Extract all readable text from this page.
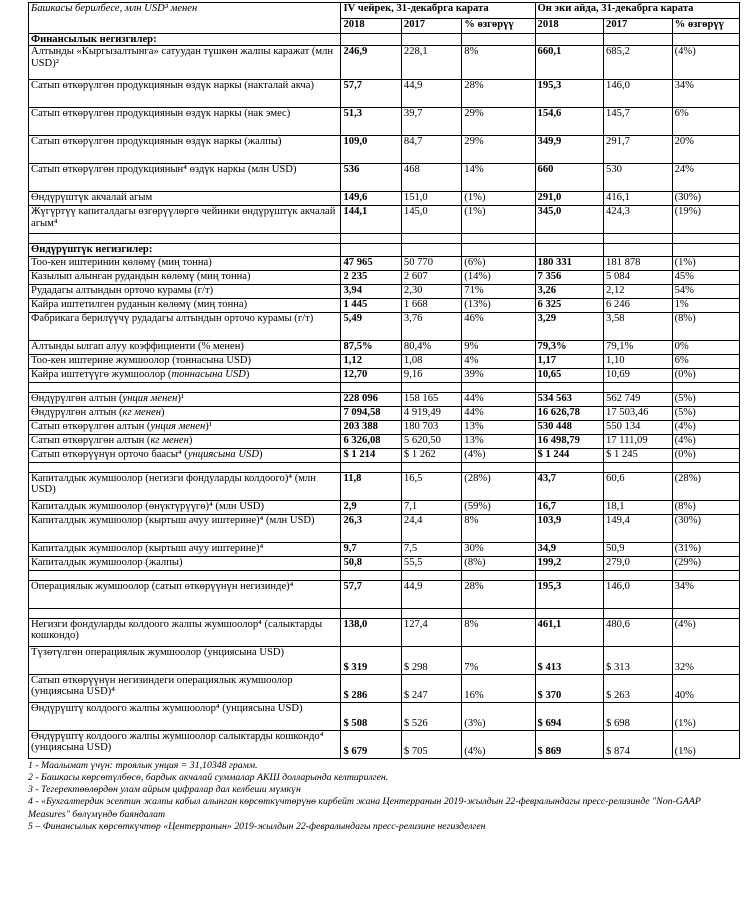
Башкасы берилбесе, млн USD³ менен	IV чейрек, 31-декабрга карата			Он эки айда, 31-декабрга карата		
	2018	2017	% өзгөрүү	2018	2017	% өзгөрүү
Финансылык негизгилер:						
Алтынды «Кыргызалтынга» сатуудан түшкөн жалпы каражат (млн USD)²	246,9	228,1	8%	660,1	685,2	(4%)
Сатып өткөрүлгөн продукциянын өздүк наркы (накталай акча)	57,7	44,9	28%	195,3	146,0	34%
Сатып өткөрүлгөн продукциянын өздүк наркы (нак эмес)	51,3	39,7	29%	154,6	145,7	6%
Сатып өткөрүлгөн продукциянын өздүк наркы (жалпы)	109,0	84,7	29%	349,9	291,7	20%
Сатып өткөрүлгөн продукциянын⁴ өздүк наркы (млн USD)	536	468	14%	660	530	24%
Өндүрүштүк акчалай агым	149,6	151,0	(1%)	291,0	416,1	(30%)
Жүгүртүү капиталдагы өзгөрүүлөргө чейинки өндүрүштүк акчалай агым⁴	144,1	145,0	(1%)	345,0	424,3	(19%)

Өндүрүштүк негизгилер:						
Тоо-кен иштеринин көлөмү (миң тонна)	47 965	50 770	(6%)	180 331	181 878	(1%)
Казылып алынган рудандын көлөмү (миң тонна)	2 235	2 607	(14%)	7 356	5 084	45%
Рудадагы алтындын орточо курамы (г/т)	3,94	2,30	71%	3,26	2,12	54%
Кайра иштетилген руданын көлөмү (миң тонна)	1 445	1 668	(13%)	6 325	6 246	1%
Фабрикага берилүүчү рудадагы алтындын орточо курамы (г/т)	5,49	3,76	46%	3,29	3,58	(8%)
Алтынды ылгап алуу коэффициенти (% менен)	87,5%	80,4%	9%	79,3%	79,1%	0%
Тоо-кен иштерине жумшоолор (тоннасына USD)	1,12	1,08	4%	1,17	1,10	6%
Кайра иштетүүгө жумшоолор (тоннасына USD)	12,70	9,16	39%	10,65	10,69	(0%)

Өндүрүлгөн алтын (унция менен)¹	228 096	158 165	44%	534 563	562 749	(5%)
Өндүрүлгөн алтын (кг менен)	7 094,58	4 919,49	44%	16 626,78	17 503,46	(5%)
Сатып өткөрүлгөн алтын (унция менен)¹	203 388	180 703	13%	530 448	550 134	(4%)
Сатып өткөрүлгөн алтын (кг менен)	6 326,08	5 620,50	13%	16 498,79	17 111,09	(4%)
Сатып өткөрүүнүн орточо баасы⁴ (унциясына USD)	$ 1 214	$ 1 262	(4%)	$ 1 244	$ 1 245	(0%)

Капиталдык жумшоолор (негизги фондуларды колдоого)⁴ (млн USD)	11,8	16,5	(28%)	43,7	60,6	(28%)
Капиталдык жумшоолор (өнүктүрүүгө)⁴ (млн USD)	2,9	7,1	(59%)	16,7	18,1	(8%)
Капиталдык жумшоолор (кыртыш ачуу иштерине)⁴ (млн USD)	26,3	24,4	8%	103,9	149,4	(30%)
Капиталдык жумшоолор (кыртыш ачуу иштерине)⁴	9,7	7,5	30%	34,9	50,9	(31%)
Капиталдык жумшоолор (жалпы)	50,8	55,5	(8%)	199,2	279,0	(29%)

Операциялык жумшоолор (сатып өткөрүүнүн негизинде)⁴	57,7	44,9	28%	195,3	146,0	34%

Негизги фондуларды колдоого жалпы жумшоолор⁴ (салыктарды кошкондо)	138,0	127,4	8%	461,1	480,6	(4%)
Түзөтүлгөн операциялык жумшоолор (унциясына USD)	$ 319	$ 298	7%	$ 413	$ 313	32%
Сатып өткөрүүнүн негизиндеги операциялык жумшоолор (унциясына USD)⁴	$ 286	$ 247	16%	$ 370	$ 263	40%
Өндүрүштү колдоого жалпы жумшоолор⁴ (унциясына USD)	$ 508	$ 526	(3%)	$ 694	$ 698	(1%)
Өндүрүштү колдоого жалпы жумшоолор салыктарды кошкондо⁴ (унциясына USD)	$ 679	$ 705	(4%)	$ 869	$ 874	(1%)
1 - Маалымат үчүн: троялык унция = 31,10348 грамм.
2 - Башкасы көрсөтүлбөсө, бардык акчалай суммалар АКШ долларында келтирилген.
3 - Тегеректөөлөрдөн улам айрым цифралар дал келбеши мүмкүн
4 - «Бухгалтердик эсептин жалпы кабыл алынган көрсөткүчтөрүнө кирбейт жана Центерранын 2019-жылдын 22-февралындагы пресс-релизинде "Non-GAAP Measures" бөлүмүндө баяндалат
5 – Финансылык көрсөткүчтөр «Центерранын» 2019-жылдын 22-февралындагы пресс-релизине негизделген
